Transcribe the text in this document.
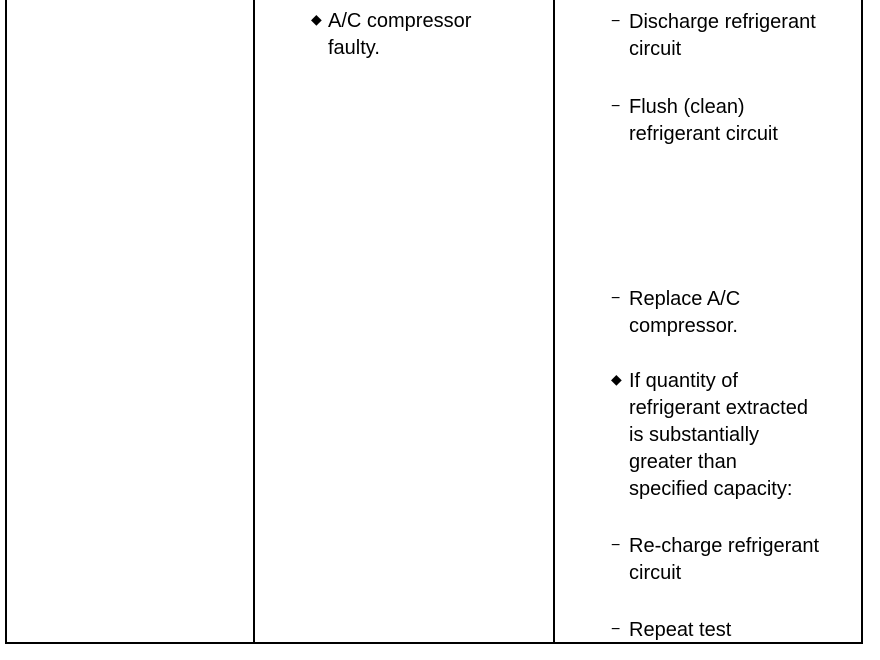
◆ A/C compressor
faulty.
− Discharge refrigerant
circuit
− Flush (clean)
refrigerant circuit
− Replace A/C
compressor.
◆ If quantity of
refrigerant extracted
is substantially
greater than
specified capacity:
− Re-charge refrigerant
circuit
− Repeat test
